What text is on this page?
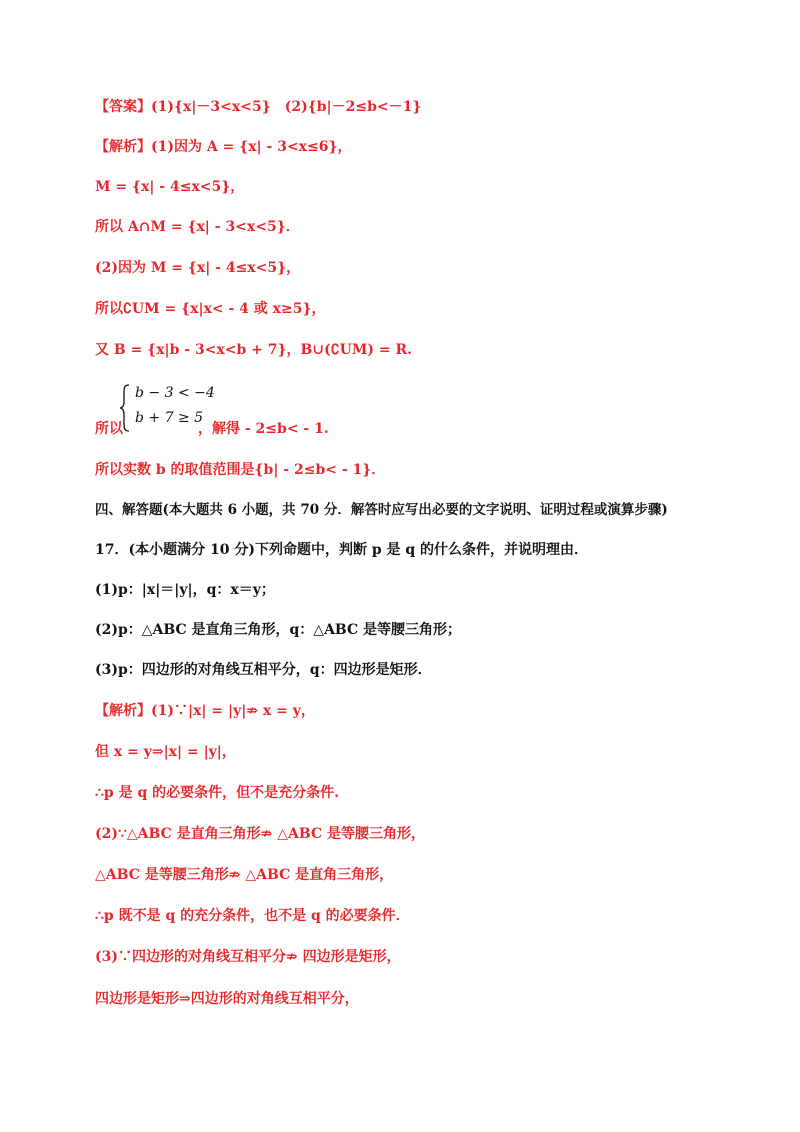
【答案】(1){x|－3<x<5}　(2){b|－2≤b<－1}
【解析】(1)因为 A = {x| - 3<x≤6}，
M = {x| - 4≤x<5}，
所以 A∩M = {x| - 3<x<5}．
(2)因为 M = {x| - 4≤x<5}，
所以∁UM = {x|x< - 4 或 x≥5}，
又 B = {x|b - 3<x<b + 7}，B∪(∁UM) = R.
b − 3 < −4
b + 7 ≥ 5
所以	，解得 - 2≤b< - 1.
所以实数 b 的取值范围是{b| - 2≤b< - 1}．
四、解答题(本大题共 6 小题，共 70 分．解答时应写出必要的文字说明、证明过程或演算步骤)
17．(本小题满分 10 分)下列命题中，判断 p 是 q 的什么条件，并说明理由．
(1)p：|x|＝|y|，q：x＝y；
(2)p：△ABC 是直角三角形，q：△ABC 是等腰三角形；
(3)p：四边形的对角线互相平分，q：四边形是矩形．
【解析】(1)∵|x| = |y|⇏ x = y，
但 x = y⇒|x| = |y|，
∴p 是 q 的必要条件，但不是充分条件.
(2)∵△ABC 是直角三角形⇏ △ABC 是等腰三角形，
△ABC 是等腰三角形⇏ △ABC 是直角三角形，
∴p 既不是 q 的充分条件，也不是 q 的必要条件．
(3)∵四边形的对角线互相平分⇏ 四边形是矩形，
四边形是矩形⇒四边形的对角线互相平分，
